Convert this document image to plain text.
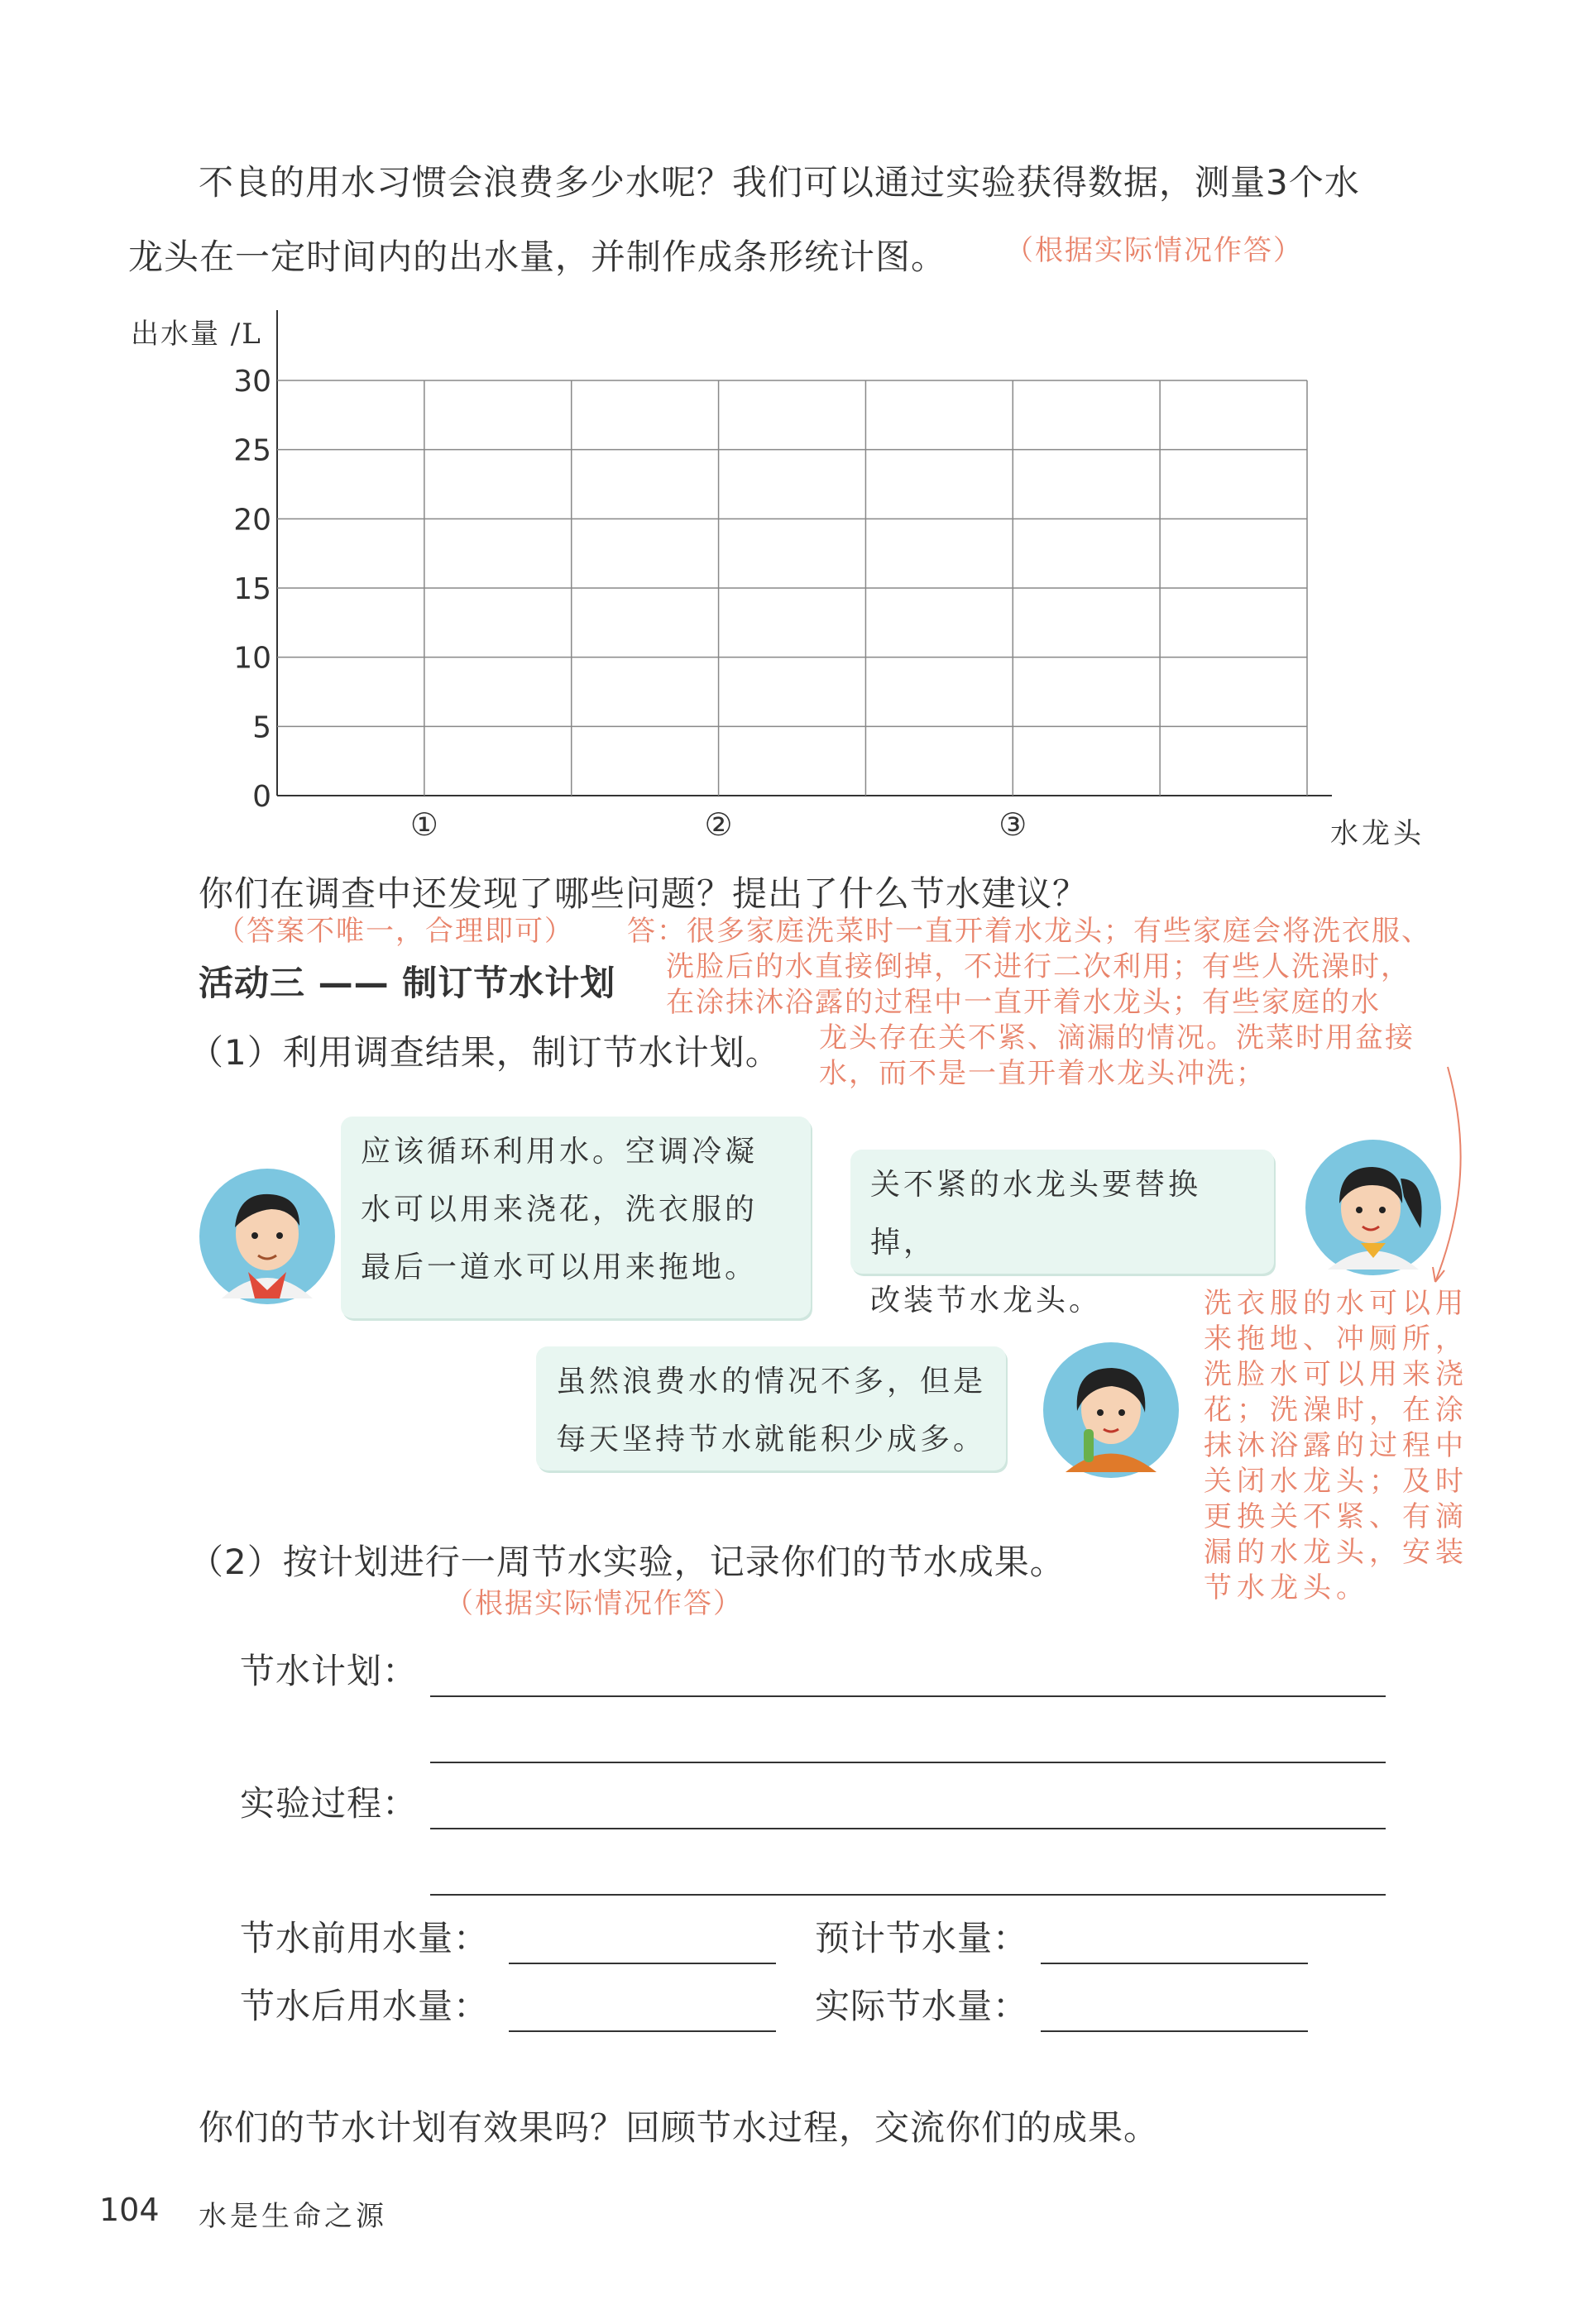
不良的用水习惯会浪费多少水呢？我们可以通过实验获得数据，测量3个水
龙头在一定时间内的出水量，并制作成条形统计图。 （根据实际情况作答）
出水量 /L
30
25
20
15
10
5
0
①	②	③	水龙头
你们在调查中还发现了哪些问题？提出了什么节水建议？
（答案不唯一，合理即可） 答：很多家庭洗菜时一直开着水龙头；有些家庭会将洗衣服、
洗脸后的水直接倒掉，不进行二次利用；有些人洗澡时，
在涂抹沐浴露的过程中一直开着水龙头；有些家庭的水
龙头存在关不紧、滴漏的情况。洗菜时用盆接
水，而不是一直开着水龙头冲洗；
活动三 —— 制订节水计划
（1）利用调查结果，制订节水计划。
应该循环利用水。空调冷凝
水可以用来浇花，洗衣服的
最后一道水可以用来拖地。
关不紧的水龙头要替换掉，
改装节水龙头。
虽然浪费水的情况不多，但是
每天坚持节水就能积少成多。
洗衣服的水可以用
来拖地、冲厕所，
洗脸水可以用来浇
花；洗澡时，在涂
抹沐浴露的过程中
关闭水龙头；及时
更换关不紧、有滴
漏的水龙头，安装
节水龙头。
（2）按计划进行一周节水实验，记录你们的节水成果。
（根据实际情况作答）
节水计划：
实验过程：
节水前用水量：	预计节水量：
节水后用水量：	实际节水量：
你们的节水计划有效果吗？回顾节水过程，交流你们的成果。
104 水是生命之源
